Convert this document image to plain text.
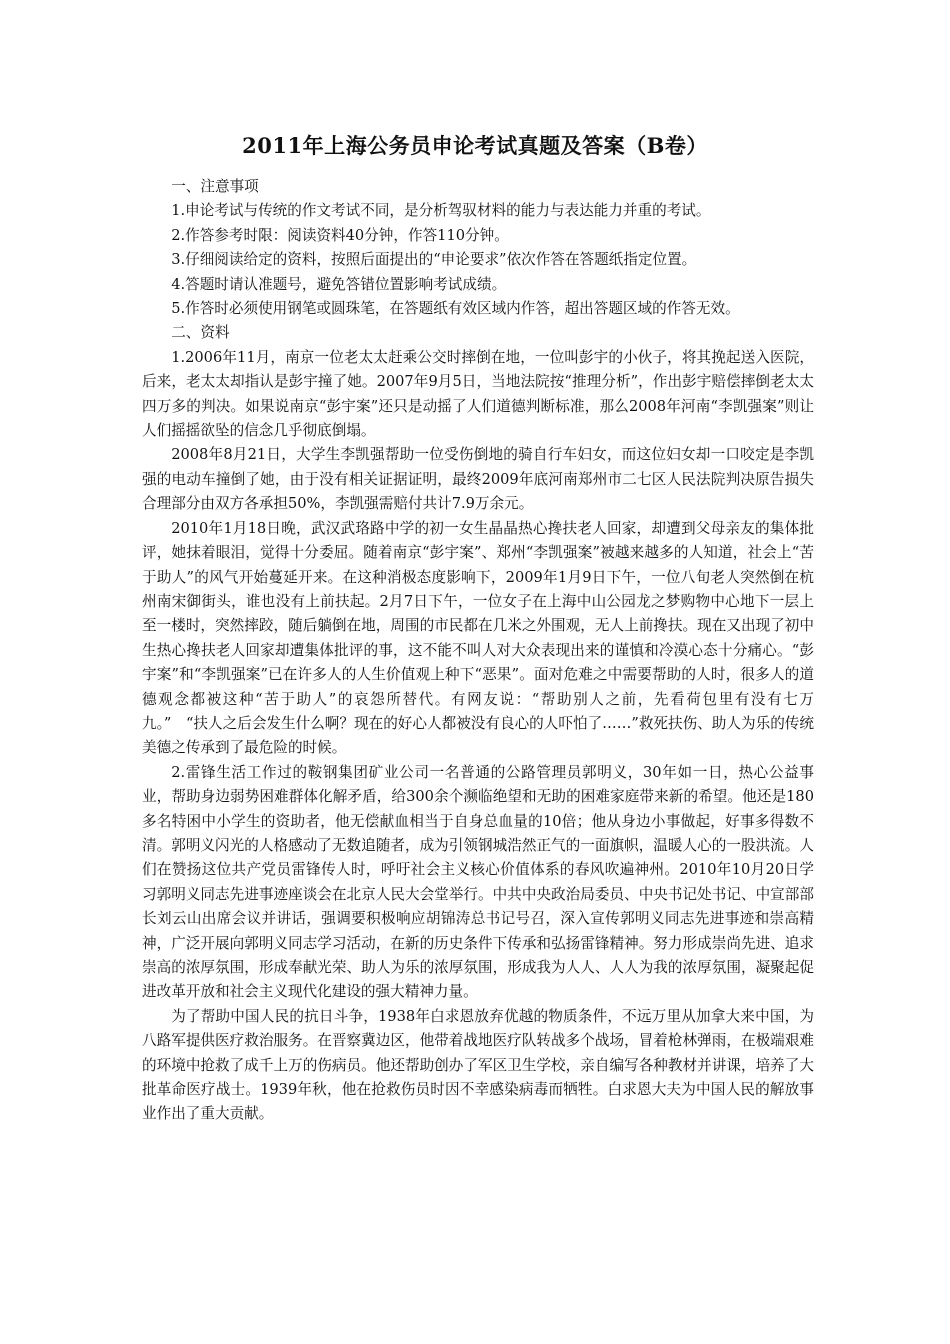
2011年上海公务员申论考试真题及答案（B卷）

一、注意事项

1.申论考试与传统的作文考试不同，是分析驾驭材料的能力与表达能力并重的考试。

2.作答参考时限：阅读资料40分钟，作答110分钟。

3.仔细阅读给定的资料，按照后面提出的“申论要求”依次作答在答题纸指定位置。

4.答题时请认准题号，避免答错位置影响考试成绩。

5.作答时必须使用钢笔或圆珠笔，在答题纸有效区域内作答，超出答题区域的作答无效。

二、资料

1.2006年11月，南京一位老太太赶乘公交时摔倒在地，一位叫彭宇的小伙子，将其挽起送入医院，后来，老太太却指认是彭宇撞了她。2007年9月5日，当地法院按“推理分析”，作出彭宇赔偿摔倒老太太四万多的判决。如果说南京“彭宇案”还只是动摇了人们道德判断标准，那么2008年河南“李凯强案”则让人们摇摇欲坠的信念几乎彻底倒塌。

2008年8月21日，大学生李凯强帮助一位受伤倒地的骑自行车妇女，而这位妇女却一口咬定是李凯强的电动车撞倒了她，由于没有相关证据证明，最终2009年底河南郑州市二七区人民法院判决原告损失合理部分由双方各承担50%，李凯强需赔付共计7.9万余元。

2010年1月18日晚，武汉武珞路中学的初一女生晶晶热心搀扶老人回家，却遭到父母亲友的集体批评，她抹着眼泪，觉得十分委屈。随着南京“彭宇案”、郑州“李凯强案”被越来越多的人知道，社会上“苦于助人”的风气开始蔓延开来。在这种消极态度影响下，2009年1月9日下午，一位八旬老人突然倒在杭州南宋御街头，谁也没有上前扶起。2月7日下午，一位女子在上海中山公园龙之梦购物中心地下一层上至一楼时，突然摔跤，随后躺倒在地，周围的市民都在几米之外围观，无人上前搀扶。现在又出现了初中生热心搀扶老人回家却遭集体批评的事，这不能不叫人对大众表现出来的谨慎和冷漠心态十分痛心。“彭宇案”和“李凯强案”已在许多人的人生价值观上种下“恶果”。面对危难之中需要帮助的人时，很多人的道德观念都被这种“苦于助人”的哀怨所替代。有网友说：“帮助别人之前，先看荷包里有没有七万九。”　“扶人之后会发生什么啊？现在的好心人都被没有良心的人吓怕了……”救死扶伤、助人为乐的传统美德之传承到了最危险的时候。

2.雷锋生活工作过的鞍钢集团矿业公司一名普通的公路管理员郭明义，30年如一日，热心公益事业，帮助身边弱势困难群体化解矛盾，给300余个濒临绝望和无助的困难家庭带来新的希望。他还是180多名特困中小学生的资助者，他无偿献血相当于自身总血量的10倍；他从身边小事做起，好事多得数不清。郭明义闪光的人格感动了无数追随者，成为引领钢城浩然正气的一面旗帜，温暖人心的一股洪流。人们在赞扬这位共产党员雷锋传人时，呼吁社会主义核心价值体系的春风吹遍神州。2010年10月20日学习郭明义同志先进事迹座谈会在北京人民大会堂举行。中共中央政治局委员、中央书记处书记、中宣部部长刘云山出席会议并讲话，强调要积极响应胡锦涛总书记号召，深入宣传郭明义同志先进事迹和崇高精神，广泛开展向郭明义同志学习活动，在新的历史条件下传承和弘扬雷锋精神。努力形成崇尚先进、追求崇高的浓厚氛围，形成奉献光荣、助人为乐的浓厚氛围，形成我为人人、人人为我的浓厚氛围，凝聚起促进改革开放和社会主义现代化建设的强大精神力量。

为了帮助中国人民的抗日斗争，1938年白求恩放弃优越的物质条件，不远万里从加拿大来中国，为八路军提供医疗救治服务。在晋察冀边区，他带着战地医疗队转战多个战场，冒着枪林弹雨，在极端艰难的环境中抢救了成千上万的伤病员。他还帮助创办了军区卫生学校，亲自编写各种教材并讲课，培养了大批革命医疗战士。1939年秋，他在抢救伤员时因不幸感染病毒而牺牲。白求恩大夫为中国人民的解放事业作出了重大贡献。
